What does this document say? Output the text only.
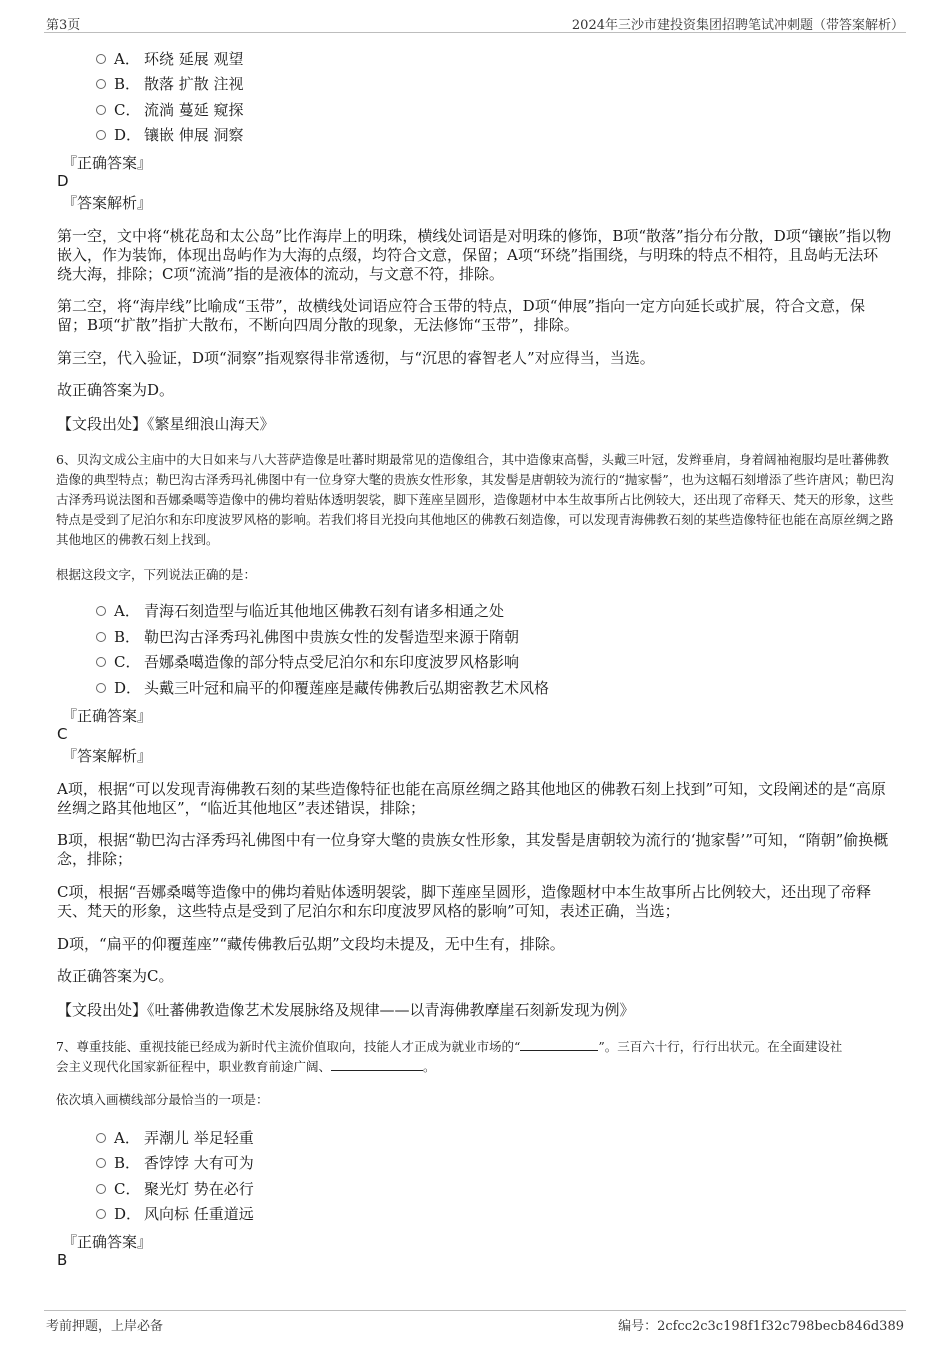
第3页	2024年三沙市建投资集团招聘笔试冲刺题（带答案解析）
A． 环绕 延展 观望
B． 散落 扩散 注视
C． 流淌 蔓延 窥探
D． 镶嵌 伸展 洞察
『正确答案』
D
『答案解析』
第一空，文中将“桃花岛和太公岛”比作海岸上的明珠，横线处词语是对明珠的修饰，B项“散落”指分布分散，D项“镶嵌”指以物嵌入，作为装饰，体现出岛屿作为大海的点缀，均符合文意，保留；A项“环绕”指围绕，与明珠的特点不相符，且岛屿无法环绕大海，排除；C项“流淌”指的是液体的流动，与文意不符，排除。
第二空，将“海岸线”比喻成“玉带”，故横线处词语应符合玉带的特点，D项“伸展”指向一定方向延长或扩展，符合文意，保留；B项“扩散”指扩大散布，不断向四周分散的现象，无法修饰“玉带”，排除。
第三空，代入验证，D项“洞察”指观察得非常透彻，与“沉思的睿智老人”对应得当，当选。
故正确答案为D。
【文段出处】《繁星细浪山海天》
6、贝沟文成公主庙中的大日如来与八大菩萨造像是吐蕃时期最常见的造像组合，其中造像束高髻，头戴三叶冠，发辫垂肩，身着阔袖袍服均是吐蕃佛教造像的典型特点；勒巴沟古泽秀玛礼佛图中有一位身穿大氅的贵族女性形象，其发髻是唐朝较为流行的“抛家髻”，也为这幅石刻增添了些许唐风；勒巴沟古泽秀玛说法图和吾娜桑噶等造像中的佛均着贴体透明袈裟，脚下莲座呈圆形，造像题材中本生故事所占比例较大，还出现了帝释天、梵天的形象，这些特点是受到了尼泊尔和东印度波罗风格的影响。若我们将目光投向其他地区的佛教石刻造像，可以发现青海佛教石刻的某些造像特征也能在高原丝绸之路其他地区的佛教石刻上找到。
根据这段文字，下列说法正确的是：
A． 青海石刻造型与临近其他地区佛教石刻有诸多相通之处
B． 勒巴沟古泽秀玛礼佛图中贵族女性的发髻造型来源于隋朝
C． 吾娜桑噶造像的部分特点受尼泊尔和东印度波罗风格影响
D． 头戴三叶冠和扁平的仰覆莲座是藏传佛教后弘期密教艺术风格
『正确答案』
C
『答案解析』
A项，根据“可以发现青海佛教石刻的某些造像特征也能在高原丝绸之路其他地区的佛教石刻上找到”可知，文段阐述的是“高原丝绸之路其他地区”，“临近其他地区”表述错误，排除；
B项，根据“勒巴沟古泽秀玛礼佛图中有一位身穿大氅的贵族女性形象，其发髻是唐朝较为流行的‘抛家髻’”可知，“隋朝”偷换概念，排除；
C项，根据“吾娜桑噶等造像中的佛均着贴体透明袈裟，脚下莲座呈圆形，造像题材中本生故事所占比例较大，还出现了帝释天、梵天的形象，这些特点是受到了尼泊尔和东印度波罗风格的影响”可知，表述正确，当选；
D项，“扁平的仰覆莲座”“藏传佛教后弘期”文段均未提及，无中生有，排除。
故正确答案为C。
【文段出处】《吐蕃佛教造像艺术发展脉络及规律——以青海佛教摩崖石刻新发现为例》
7、尊重技能、重视技能已经成为新时代主流价值取向，技能人才正成为就业市场的“	”。三百六十行，行行出状元。在全面建设社
会主义现代化国家新征程中，职业教育前途广阔、	。
依次填入画横线部分最恰当的一项是：
A． 弄潮儿 举足轻重
B． 香饽饽 大有可为
C． 聚光灯 势在必行
D． 风向标 任重道远
『正确答案』
B
考前押题，上岸必备	编号：2cfcc2c3c198f1f32c798becb846d389
